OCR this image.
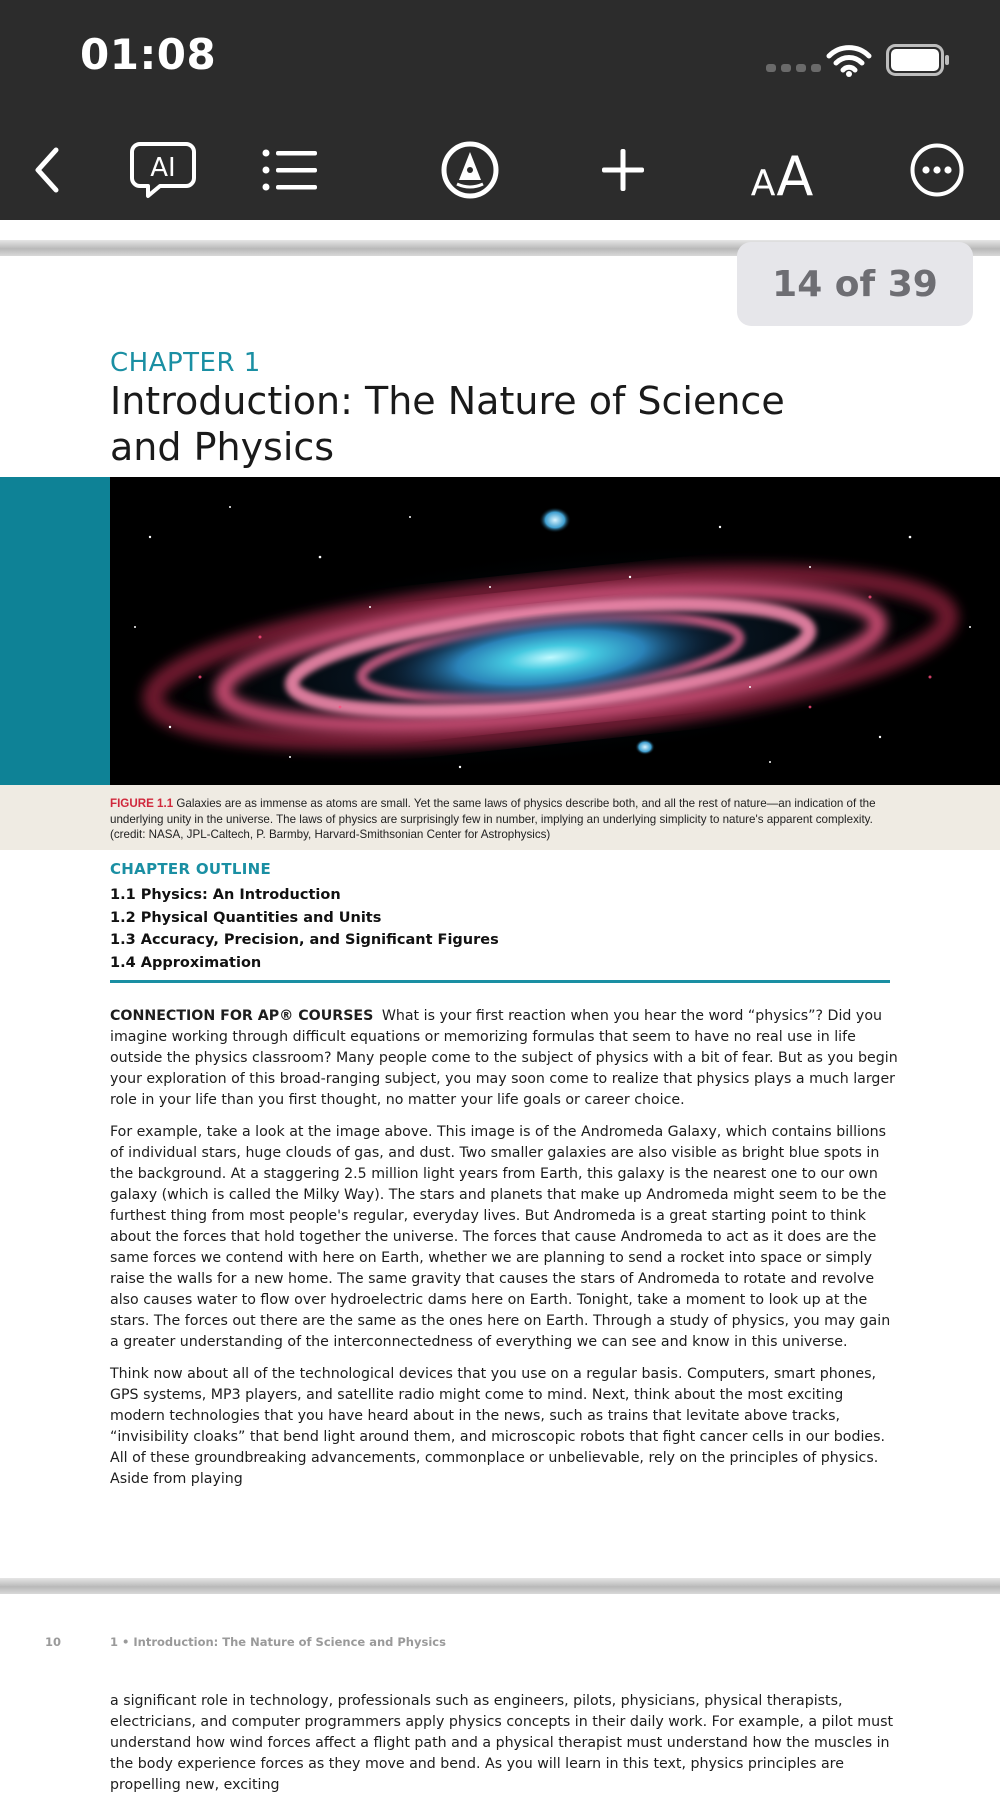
01:08
AI	A A
14 of 39
CHAPTER 1
Introduction: The Nature of Science and Physics
FIGURE 1.1 Galaxies are as immense as atoms are small. Yet the same laws of physics describe both, and all the rest of nature—an indication of the underlying unity in the universe. The laws of physics are surprisingly few in number, implying an underlying simplicity to nature's apparent complexity. (credit: NASA, JPL-Caltech, P. Barmby, Harvard-Smithsonian Center for Astrophysics)
CHAPTER OUTLINE
1.1 Physics: An Introduction
1.2 Physical Quantities and Units
1.3 Accuracy, Precision, and Significant Figures
1.4 Approximation

CONNECTION FOR AP® COURSES What is your first reaction when you hear the word “physics”? Did you imagine working through difficult equations or memorizing formulas that seem to have no real use in life outside the physics classroom? Many people come to the subject of physics with a bit of fear. But as you begin your exploration of this broad-ranging subject, you may soon come to realize that physics plays a much larger role in your life than you first thought, no matter your life goals or career choice.

For example, take a look at the image above. This image is of the Andromeda Galaxy, which contains billions of individual stars, huge clouds of gas, and dust. Two smaller galaxies are also visible as bright blue spots in the background. At a staggering 2.5 million light years from Earth, this galaxy is the nearest one to our own galaxy (which is called the Milky Way). The stars and planets that make up Andromeda might seem to be the furthest thing from most people's regular, everyday lives. But Andromeda is a great starting point to think about the forces that hold together the universe. The forces that cause Andromeda to act as it does are the same forces we contend with here on Earth, whether we are planning to send a rocket into space or simply raise the walls for a new home. The same gravity that causes the stars of Andromeda to rotate and revolve also causes water to flow over hydroelectric dams here on Earth. Tonight, take a moment to look up at the stars. The forces out there are the same as the ones here on Earth. Through a study of physics, you may gain a greater understanding of the interconnectedness of everything we can see and know in this universe.

Think now about all of the technological devices that you use on a regular basis. Computers, smart phones, GPS systems, MP3 players, and satellite radio might come to mind. Next, think about the most exciting modern technologies that you have heard about in the news, such as trains that levitate above tracks, “invisibility cloaks” that bend light around them, and microscopic robots that fight cancer cells in our bodies. All of these groundbreaking advancements, commonplace or unbelievable, rely on the principles of physics. Aside from playing

10	1 • Introduction: The Nature of Science and Physics

a significant role in technology, professionals such as engineers, pilots, physicians, physical therapists, electricians, and computer programmers apply physics concepts in their daily work. For example, a pilot must understand how wind forces affect a flight path and a physical therapist must understand how the muscles in the body experience forces as they move and bend. As you will learn in this text, physics principles are propelling new, exciting
